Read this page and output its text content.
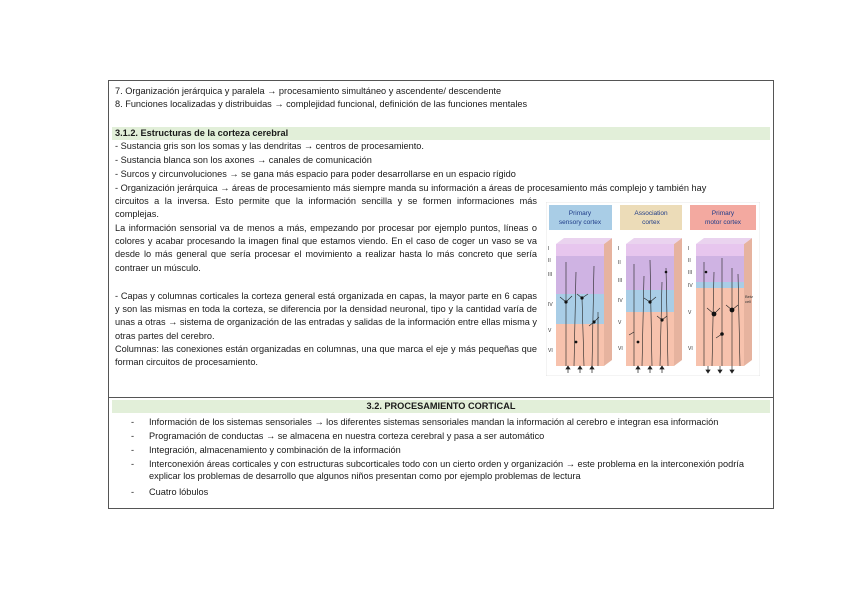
7. Organización jerárquica y paralela → procesamiento simultáneo y ascendente/ descendente
8. Funciones localizadas y distribuidas → complejidad funcional, definición de las funciones mentales
3.1.2. Estructuras de la corteza cerebral
- Sustancia gris son los somas y las dendritas → centros de procesamiento.
- Sustancia blanca son los axones → canales de comunicación
- Surcos y circunvoluciones → se gana más espacio para poder desarrollarse en un espacio rígido
- Organización jerárquica → áreas de procesamiento más siempre manda su información a áreas de procesamiento más complejo y también hay
circuitos a la inversa. Esto permite que la información sencilla y se formen informaciones más complejas.
La información sensorial va de menos a más, empezando por procesar por ejemplo puntos, líneas o colores y acabar procesando la imagen final que estamos viendo. En el caso de coger un vaso se va desde lo más general que sería procesar el movimiento a realizar hasta lo más concreto que sería contraer un músculo.
- Capas y columnas corticales la corteza general está organizada en capas, la mayor parte en 6 capas y son las mismas en toda la corteza, se diferencia por la densidad neuronal, tipo y la cantidad varía de unas a otras → sistema de organización de las entradas y salidas de la información entre ellas misma y otras partes del cerebro.
Columnas: las conexiones están organizadas en columnas, una que marca el eje y más pequeñas que forman circuitos de procesamiento.
Primary
sensory cortex
Association
cortex
Primary
motor cortex
I
II
III
IV
V
VI
I
II
III
IV
V
VI
I
II
III
IV
V
VI
Betz
cell
3.2. PROCESAMIENTO CORTICAL
- Información de los sistemas sensoriales → los diferentes sistemas sensoriales mandan la información al cerebro e integran esa información
- Programación de conductas → se almacena en nuestra corteza cerebral y pasa a ser automático
- Integración, almacenamiento y combinación de la información
- Interconexión áreas corticales y con estructuras subcorticales todo con un cierto orden y organización → este problema en la interconexión podría explicar los problemas de desarrollo que algunos niños presentan como por ejemplo problemas de lectura
- Cuatro lóbulos
